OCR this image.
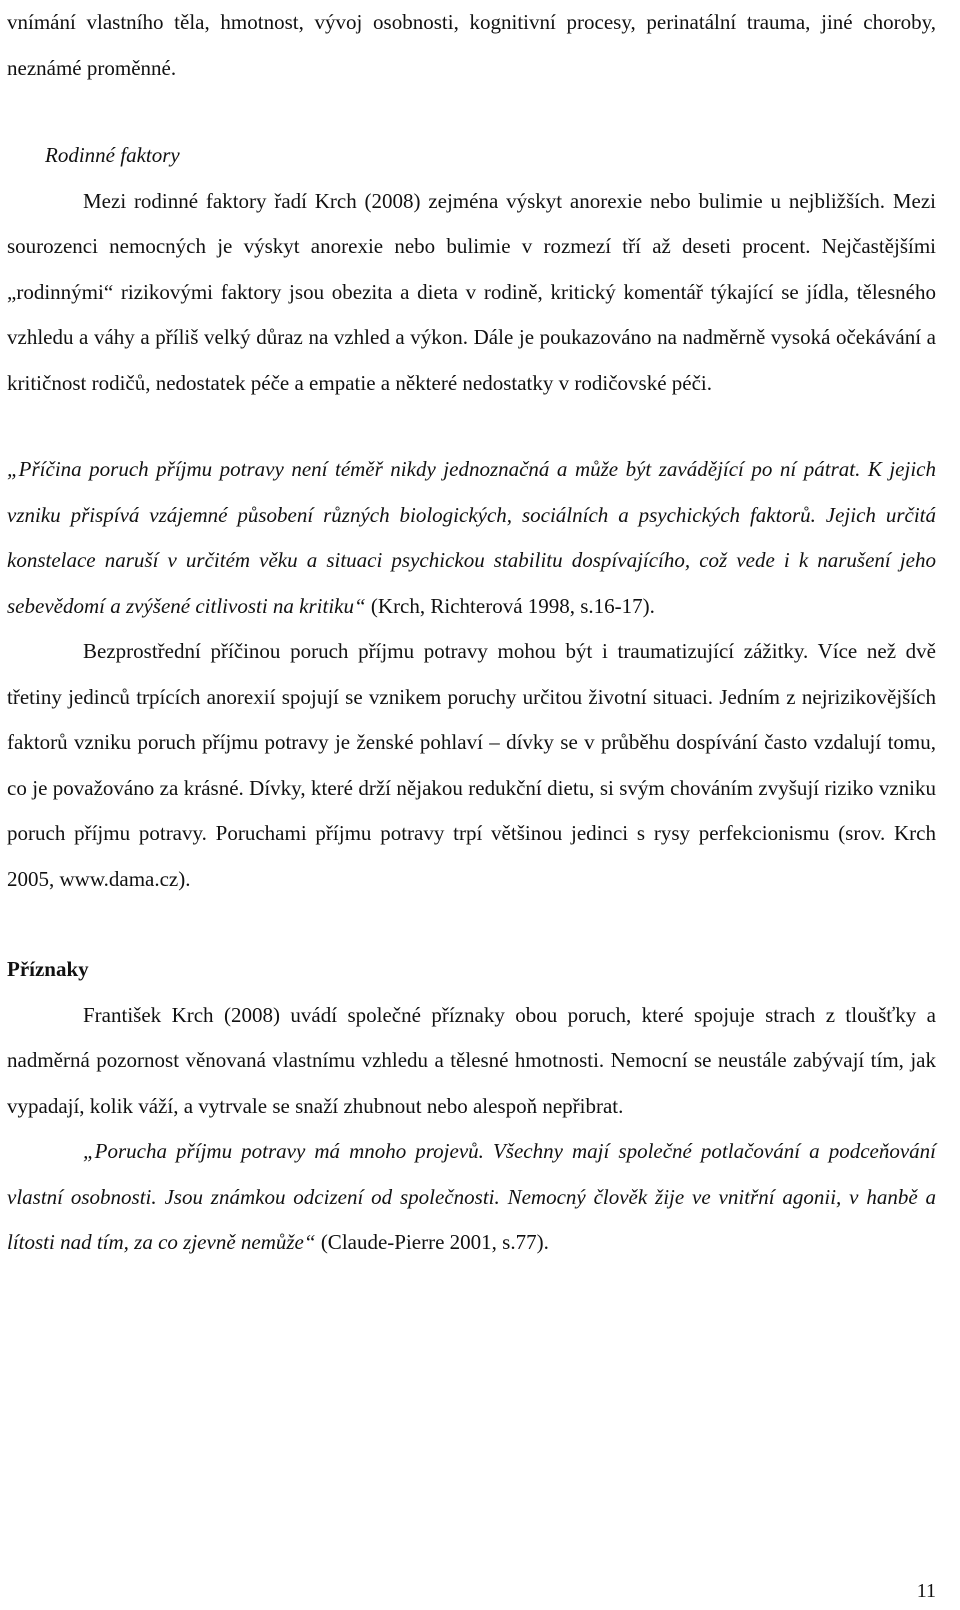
vnímání vlastního těla, hmotnost, vývoj osobnosti, kognitivní procesy, perinatální trauma, jiné choroby, neznámé proměnné.

Rodinné faktory

Mezi rodinné faktory řadí Krch (2008) zejména výskyt anorexie nebo bulimie u nejbližších. Mezi sourozenci nemocných je výskyt anorexie nebo bulimie v rozmezí tří až deseti procent. Nejčastějšími „rodinnými“ rizikovými faktory jsou obezita a dieta v rodině, kritický komentář týkající se jídla, tělesného vzhledu a váhy a příliš velký důraz na vzhled a výkon. Dále je poukazováno na nadměrně vysoká očekávání a kritičnost rodičů, nedostatek péče a empatie a některé nedostatky v rodičovské péči.

„Příčina poruch příjmu potravy není téměř nikdy jednoznačná a může být zavádějící po ní pátrat. K jejich vzniku přispívá vzájemné působení různých biologických, sociálních a psychických faktorů. Jejich určitá konstelace naruší v určitém věku a situaci psychickou stabilitu dospívajícího, což vede i k narušení jeho sebevědomí a zvýšené citlivosti na kritiku“ (Krch, Richterová 1998, s.16-17).

Bezprostřední příčinou poruch příjmu potravy mohou být i traumatizující zážitky. Více než dvě třetiny jedinců trpících anorexií spojují se vznikem poruchy určitou životní situaci. Jedním z nejrizikovějších faktorů vzniku poruch příjmu potravy je ženské pohlaví – dívky se v průběhu dospívání často vzdalují tomu, co je považováno za krásné. Dívky, které drží nějakou redukční dietu, si svým chováním zvyšují riziko vzniku poruch příjmu potravy. Poruchami příjmu potravy trpí většinou jedinci s rysy perfekcionismu (srov. Krch 2005, www.dama.cz).

Příznaky

František Krch (2008) uvádí společné příznaky obou poruch, které spojuje strach z tloušťky a nadměrná pozornost věnovaná vlastnímu vzhledu a tělesné hmotnosti. Nemocní se neustále zabývají tím, jak vypadají, kolik váží, a vytrvale se snaží zhubnout nebo alespoň nepřibrat.

„Porucha příjmu potravy má mnoho projevů. Všechny mají společné potlačování a podceňování vlastní osobnosti. Jsou známkou odcizení od společnosti. Nemocný člověk žije ve vnitřní agonii, v hanbě a lítosti nad tím, za co zjevně nemůže“ (Claude-Pierre 2001, s.77).

11
